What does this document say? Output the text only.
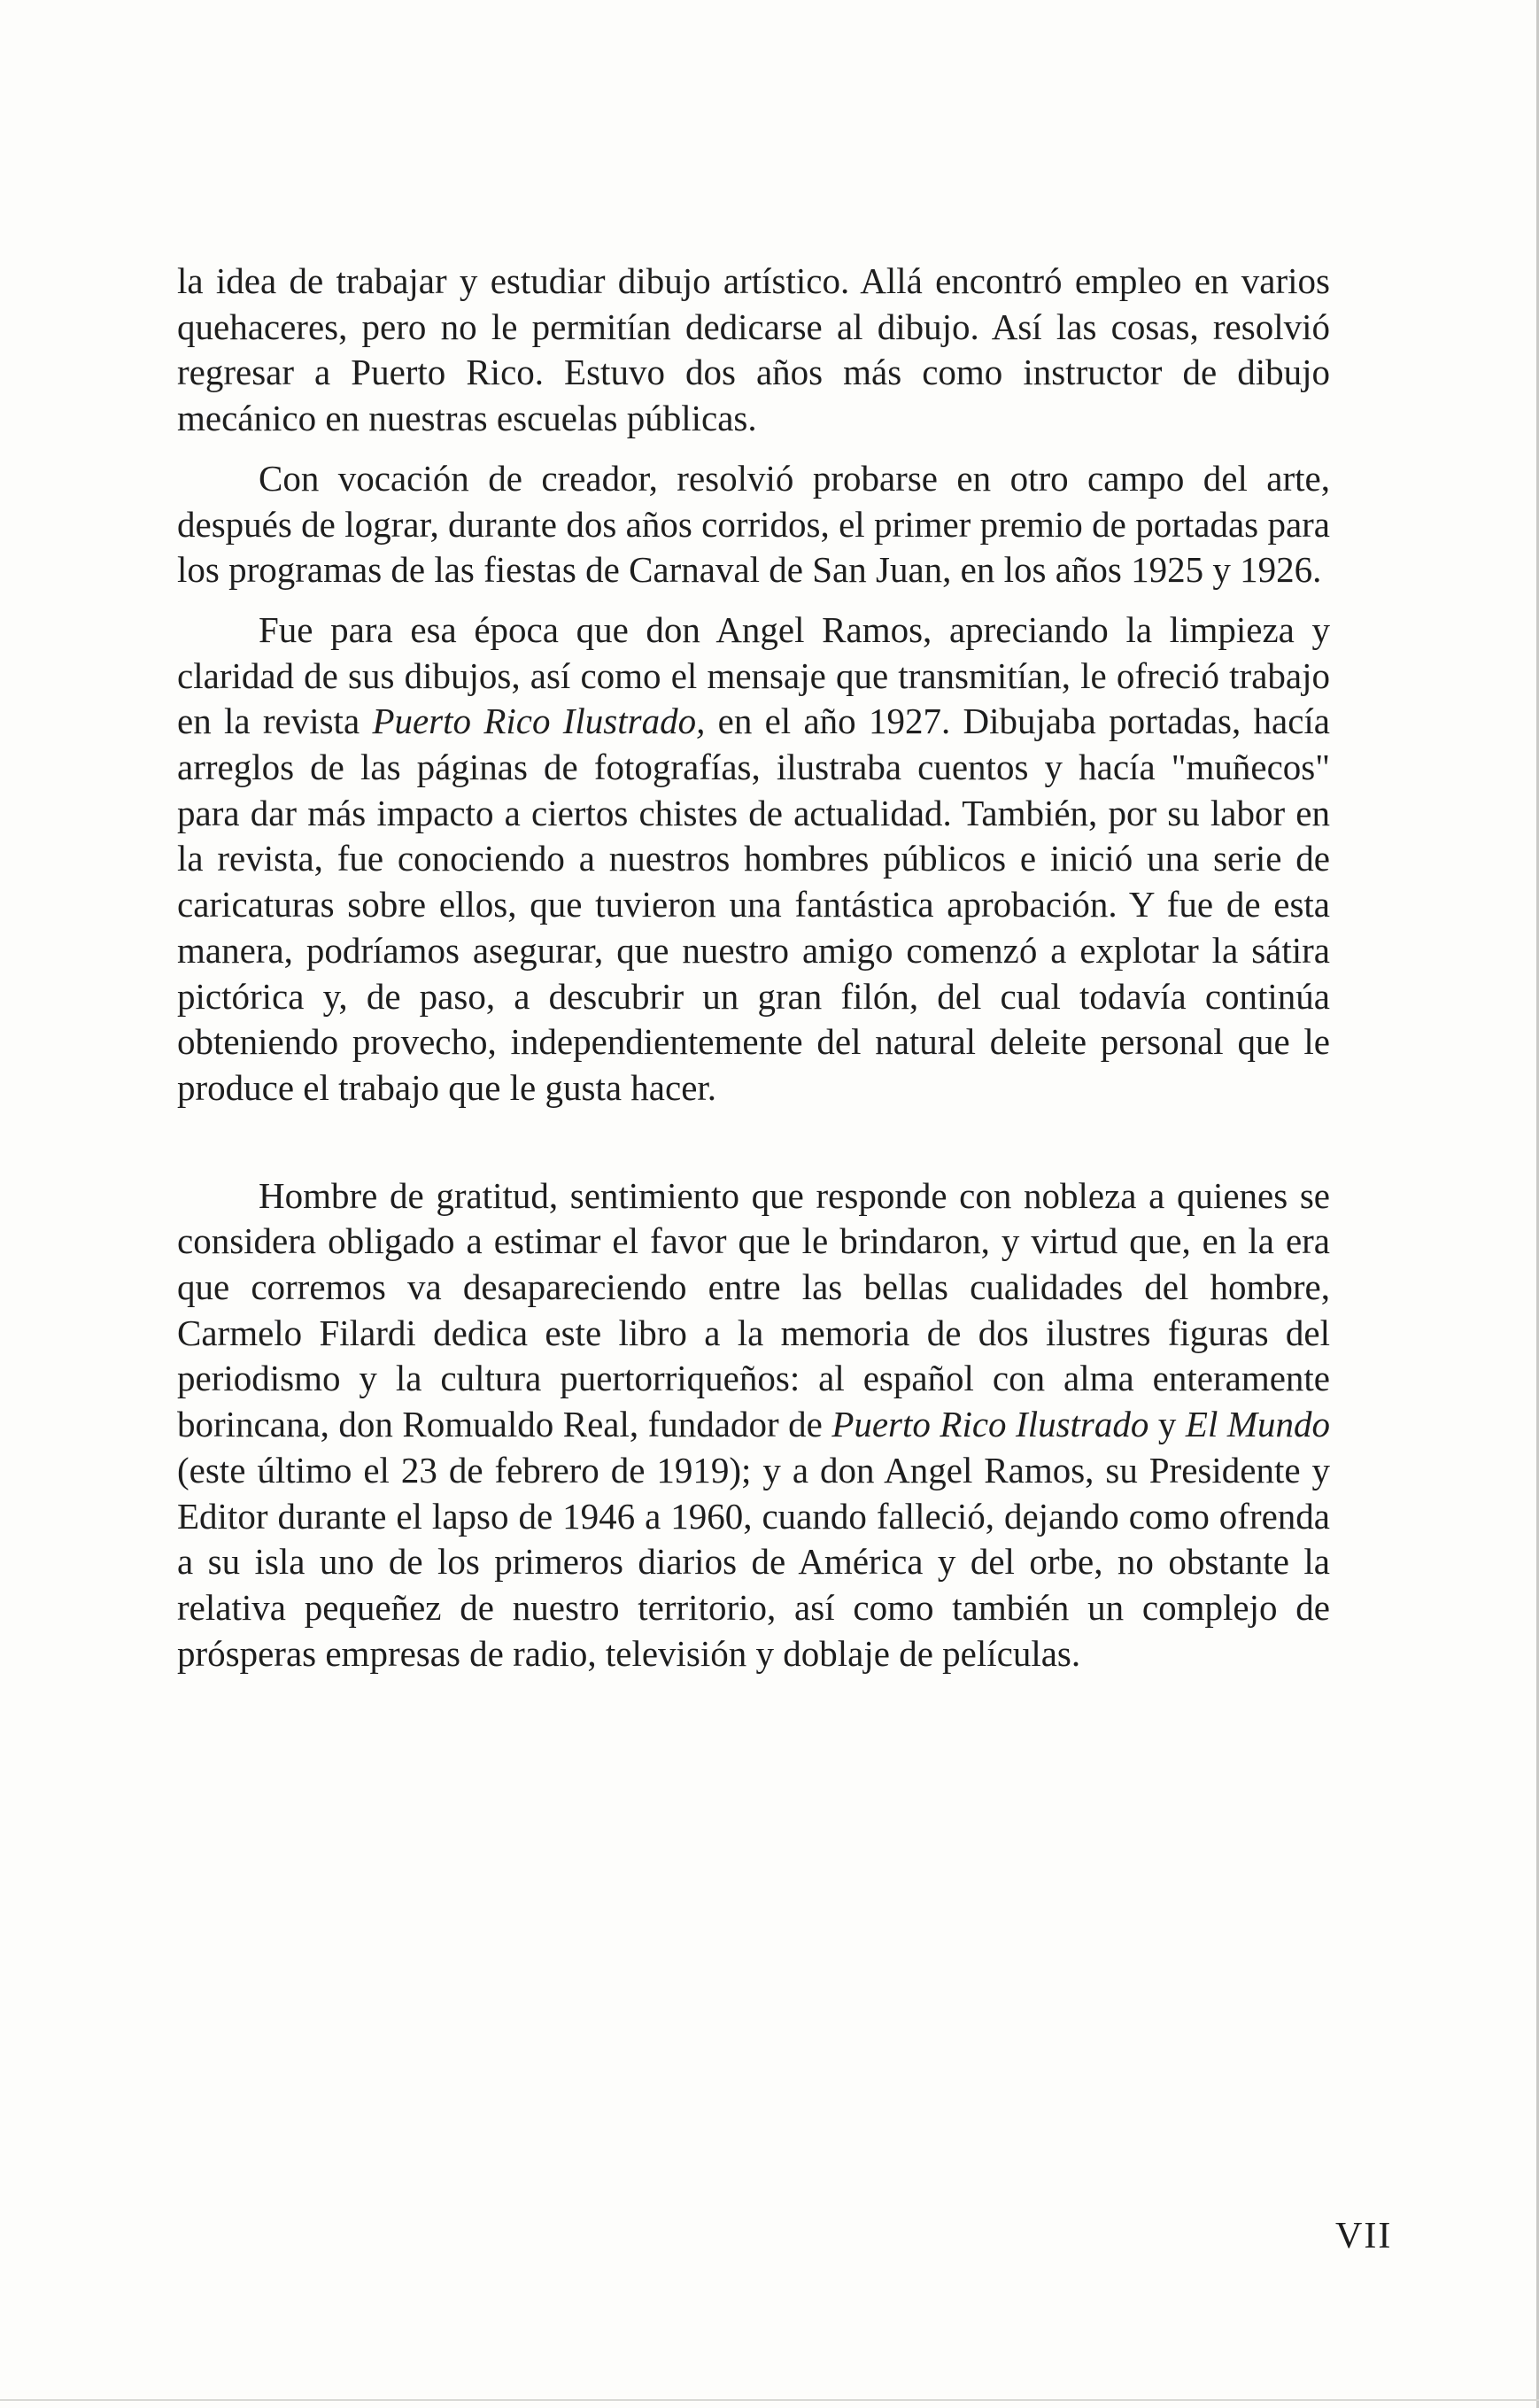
la idea de trabajar y estudiar dibujo artístico. Allá encontró empleo en varios quehaceres, pero no le permitían dedicarse al dibujo. Así las cosas, resolvió regresar a Puerto Rico. Estuvo dos años más como instructor de dibujo mecánico en nuestras escuelas públicas.

Con vocación de creador, resolvió probarse en otro campo del arte, después de lograr, durante dos años corridos, el primer premio de portadas para los programas de las fiestas de Carnaval de San Juan, en los años 1925 y 1926.

Fue para esa época que don Angel Ramos, apreciando la limpieza y claridad de sus dibujos, así como el mensaje que transmitían, le ofreció trabajo en la revista Puerto Rico Ilustrado, en el año 1927. Dibujaba portadas, hacía arreglos de las páginas de fotografías, ilustraba cuentos y hacía "muñecos" para dar más impacto a ciertos chistes de actualidad. También, por su labor en la revista, fue conociendo a nuestros hombres públicos e inició una serie de caricaturas sobre ellos, que tuvieron una fantástica aprobación. Y fue de esta manera, podríamos asegurar, que nuestro amigo comenzó a explotar la sátira pictórica y, de paso, a descubrir un gran filón, del cual todavía continúa obteniendo provecho, independientemente del natural deleite personal que le produce el trabajo que le gusta hacer.

Hombre de gratitud, sentimiento que responde con nobleza a quienes se considera obligado a estimar el favor que le brindaron, y virtud que, en la era que corremos va desapareciendo entre las bellas cualidades del hombre, Carmelo Filardi dedica este libro a la memoria de dos ilustres figuras del periodismo y la cultura puertorriqueños: al español con alma enteramente borincana, don Romualdo Real, fundador de Puerto Rico Ilustrado y El Mundo (este último el 23 de febrero de 1919); y a don Angel Ramos, su Presidente y Editor durante el lapso de 1946 a 1960, cuando falleció, dejando como ofrenda a su isla uno de los primeros diarios de América y del orbe, no obstante la relativa pequeñez de nuestro territorio, así como también un complejo de prósperas empresas de radio, televisión y doblaje de películas.

VII
